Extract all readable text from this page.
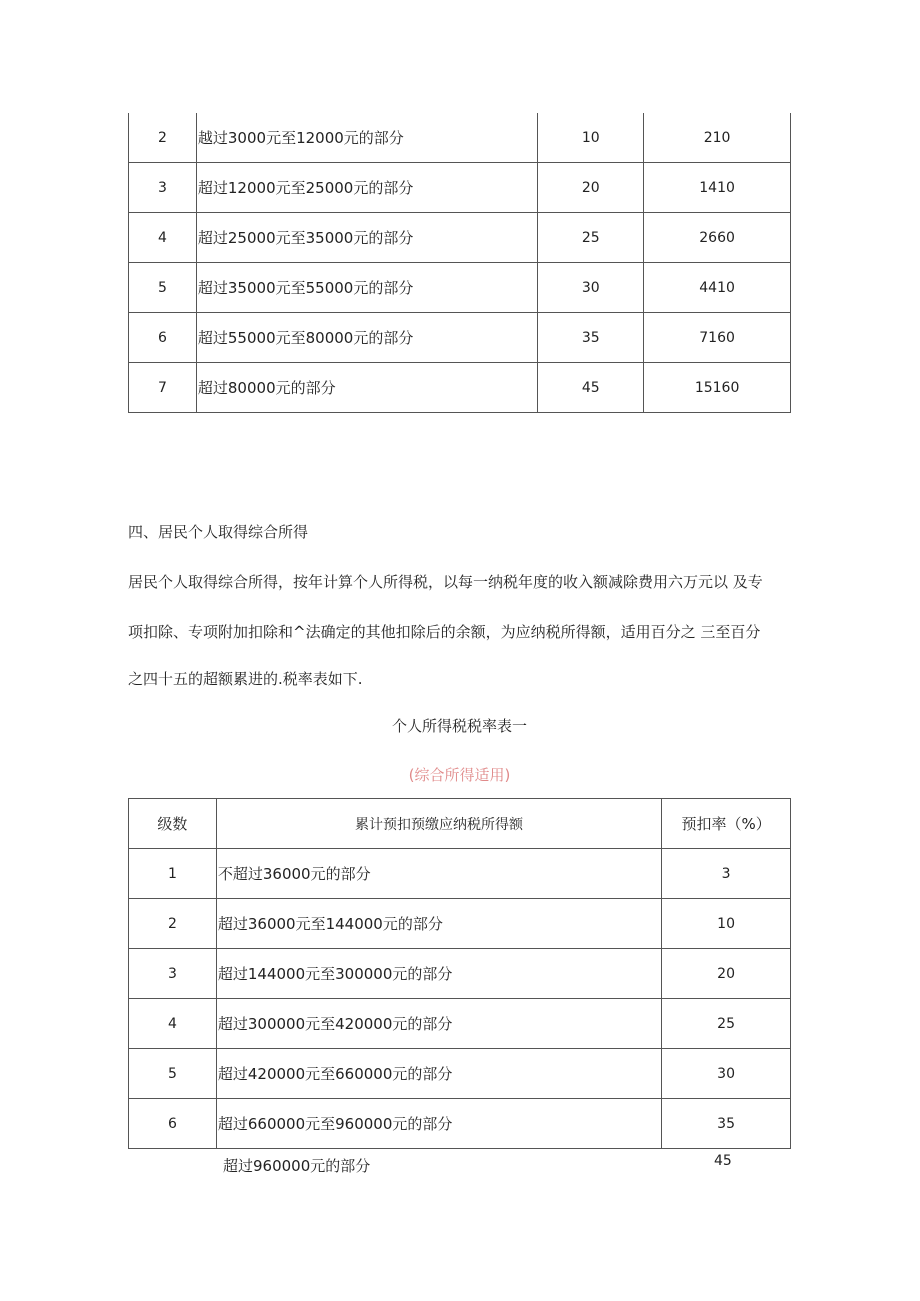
2	越过3000元至12000元的部分	10	210
3	超过12000元至25000元的部分	20	1410
4	超过25000元至35000元的部分	25	2660
5	超过35000元至55000元的部分	30	4410
6	超过55000元至80000元的部分	35	7160
7	超过80000元的部分	45	15160
四、居民个人取得综合所得
居民个人取得综合所得，按年计算个人所得税，以每一纳税年度的收入额减除费用六万元以 及专
项扣除、专项附加扣除和^法确定的其他扣除后的余额，为应纳税所得额，适用百分之 三至百分
之四十五的超额累进的.税率表如下.
个人所得税税率表一
(综合所得适用)
级数	累计预扣预缴应纳税所得额	预扣率（%）
1	不超过36000元的部分	3
2	超过36000元至144000元的部分	10
3	超过144000元至300000元的部分	20
4	超过300000元至420000元的部分	25
5	超过420000元至660000元的部分	30
6	超过660000元至960000元的部分	35
超过960000元的部分	45
